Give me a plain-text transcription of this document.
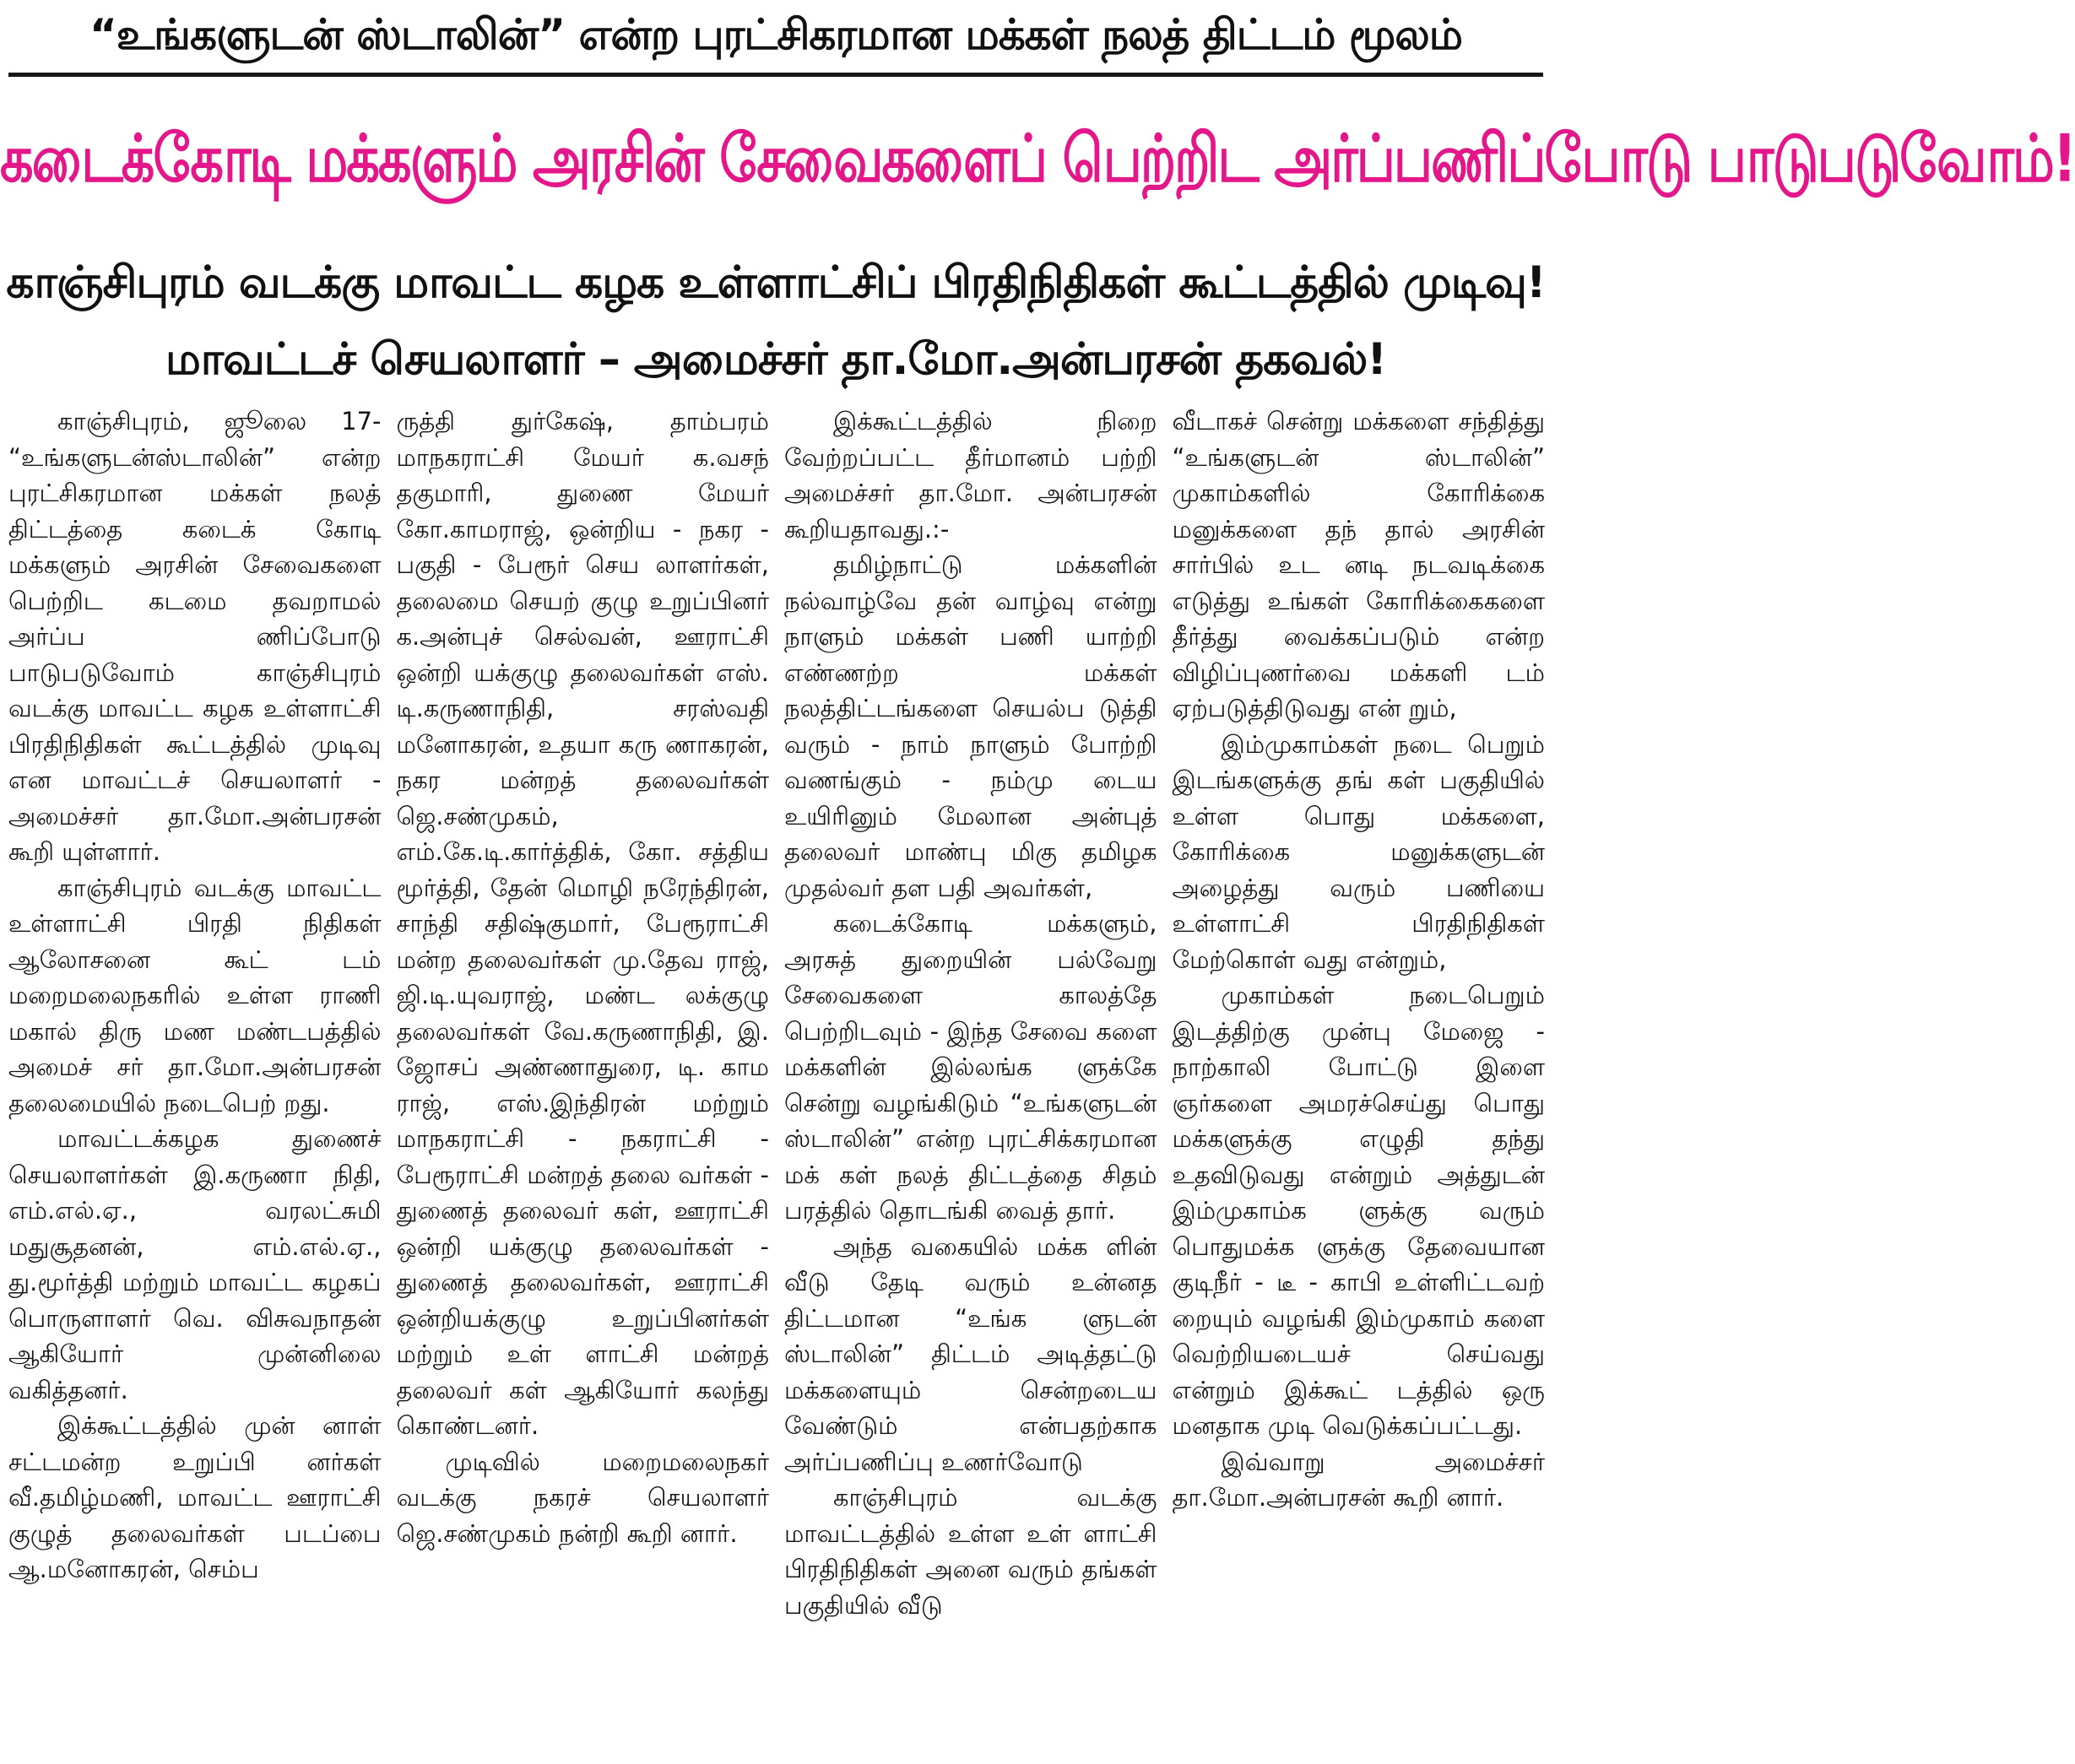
“உங்களுடன் ஸ்டாலின்” என்ற புரட்சிகரமான மக்கள் நலத் திட்டம் மூலம்
கடைக்கோடி மக்களும் அரசின் சேவைகளைப் பெற்றிட அர்ப்பணிப்போடு பாடுபடுவோம்!
காஞ்சிபுரம் வடக்கு மாவட்ட கழக உள்ளாட்சிப் பிரதிநிதிகள் கூட்டத்தில் முடிவு!
மாவட்டச் செயலாளர் – அமைச்சர் தா.மோ.அன்பரசன் தகவல்!

காஞ்சிபுரம், ஜூலை 17- “உங்களுடன்ஸ்டாலின்” என்ற புரட்சிகரமான மக்கள் நலத் திட்டத்தை கடைக் கோடி மக்களும் அரசின் சேவைகளை பெற்றிட கடமை தவறாமல் அர்ப்ப ணிப்போடு பாடுபடுவோம் காஞ்சிபுரம் வடக்கு மாவட்ட கழக உள்ளாட்சி பிரதிநிதிகள் கூட்டத்தில் முடிவு என மாவட்டச் செயலாளர் - அமைச்சர் தா.மோ.அன்பரசன் கூறி யுள்ளார்.

காஞ்சிபுரம் வடக்கு மாவட்ட உள்ளாட்சி பிரதி நிதிகள் ஆலோசனை கூட் டம் மறைமலைநகரில் உள்ள ராணி மகால் திரு மண மண்டபத்தில் அமைச் சர் தா.மோ.அன்பரசன் தலைமையில் நடைபெற் றது.

மாவட்டக்கழக துணைச் செயலாளர்கள் இ.கருணா நிதி, எம்.எல்.ஏ., வரலட்சுமி மதுசூதனன், எம்.எல்.ஏ., து.மூர்த்தி மற்றும் மாவட்ட கழகப் பொருளாளர் வெ. விசுவநாதன் ஆகியோர் முன்னிலை வகித்தனர்.

இக்கூட்டத்தில் முன் னாள் சட்டமன்ற உறுப்பி னர்கள் வீ.தமிழ்மணி, மாவட்ட ஊராட்சி குழுத் தலைவர்கள் படப்பை ஆ.மனோகரன், செம்ப

ருத்தி துர்கேஷ், தாம்பரம் மாநகராட்சி மேயர் க.வசந் தகுமாரி, துணை மேயர் கோ.காமராஜ், ஒன்றிய - நகர - பகுதி - பேரூர் செய லாளர்கள், தலைமை செயற் குழு உறுப்பினர் க.அன்புச் செல்வன், ஊராட்சி ஒன்றி யக்குழு தலைவர்கள் எஸ். டி.கருணாநிதி, சரஸ்வதி மனோகரன், உதயா கரு ணாகரன், நகர மன்றத் தலைவர்கள் ஜெ.சண்முகம், எம்.கே.டி.கார்த்திக், கோ. சத்திய மூர்த்தி, தேன் மொழி நரேந்திரன், சாந்தி சதிஷ்குமார், பேரூராட்சி மன்ற தலைவர்கள் மு.தேவ ராஜ், ஜி.டி.யுவராஜ், மண்ட லக்குழு தலைவர்கள் வே.கருணாநிதி, இ. ஜோசப் அண்ணாதுரை, டி. காம ராஜ், எஸ்.இந்திரன் மற்றும் மாநகராட்சி - நகராட்சி - பேரூராட்சி மன்றத் தலை வர்கள் - துணைத் தலைவர் கள், ஊராட்சி ஒன்றி யக்குழு தலைவர்கள் - துணைத் தலைவர்கள், ஊராட்சி ஒன்றியக்குழு உறுப்பினர்கள் மற்றும் உள் ளாட்சி மன்றத் தலைவர் கள் ஆகியோர் கலந்து கொண்டனர்.

முடிவில் மறைமலைநகர் வடக்கு நகரச் செயலாளர் ஜெ.சண்முகம் நன்றி கூறி னார்.

இக்கூட்டத்தில் நிறை வேற்றப்பட்ட தீர்மானம் பற்றி அமைச்சர் தா.மோ. அன்பரசன் கூறியதாவது.:-

தமிழ்நாட்டு மக்களின் நல்வாழ்வே தன் வாழ்வு என்று நாளும் மக்கள் பணி யாற்றி எண்ணற்ற மக்கள் நலத்திட்டங்களை செயல்ப டுத்தி வரும் - நாம் நாளும் போற்றி வணங்கும் - நம்மு டைய உயிரினும் மேலான அன்புத் தலைவர் மாண்பு மிகு தமிழக முதல்வர் தள பதி அவர்கள்,

கடைக்கோடி மக்களும், அரசுத் துறையின் பல்வேறு சேவைகளை காலத்தே பெற்றிடவும் - இந்த சேவை களை மக்களின் இல்லங்க ளுக்கே சென்று வழங்கிடும் “உங்களுடன் ஸ்டாலின்” என்ற புரட்சிக்கரமான மக் கள் நலத் திட்டத்தை சிதம் பரத்தில் தொடங்கி வைத் தார்.

அந்த வகையில் மக்க ளின் வீடு தேடி வரும் உன்னத திட்டமான “உங்க ளுடன் ஸ்டாலின்” திட்டம் அடித்தட்டு மக்களையும் சென்றடைய வேண்டும் என்பதற்காக அர்ப்பணிப்பு உணர்வோடு

காஞ்சிபுரம் வடக்கு மாவட்டத்தில் உள்ள உள் ளாட்சி பிரதிநிதிகள் அனை வரும் தங்கள் பகுதியில் வீடு

வீடாகச் சென்று மக்களை சந்தித்து “உங்களுடன் ஸ்டாலின்” முகாம்களில் கோரிக்கை மனுக்களை தந் தால் அரசின் சார்பில் உட னடி நடவடிக்கை எடுத்து உங்கள் கோரிக்கைகளை தீர்த்து வைக்கப்படும் என்ற விழிப்புணர்வை மக்களி டம் ஏற்படுத்திடுவது என் றும்,

இம்முகாம்கள் நடை பெறும் இடங்களுக்கு தங் கள் பகுதியில் உள்ள பொது மக்களை, கோரிக்கை மனுக்களுடன் அழைத்து வரும் பணியை உள்ளாட்சி பிரதிநிதிகள் மேற்கொள் வது என்றும்,

முகாம்கள் நடைபெறும் இடத்திற்கு முன்பு மேஜை - நாற்காலி போட்டு இளை ஞர்களை அமரச்செய்து பொது மக்களுக்கு எழுதி தந்து உதவிடுவது என்றும் அத்துடன் இம்முகாம்க ளுக்கு வரும் பொதுமக்க ளுக்கு தேவையான குடிநீர் - டீ - காபி உள்ளிட்டவற் றையும் வழங்கி இம்முகாம் களை வெற்றியடையச் செய்வது என்றும் இக்கூட் டத்தில் ஒரு மனதாக முடி வெடுக்கப்பட்டது.

இவ்வாறு அமைச்சர் தா.மோ.அன்பரசன் கூறி னார்.
